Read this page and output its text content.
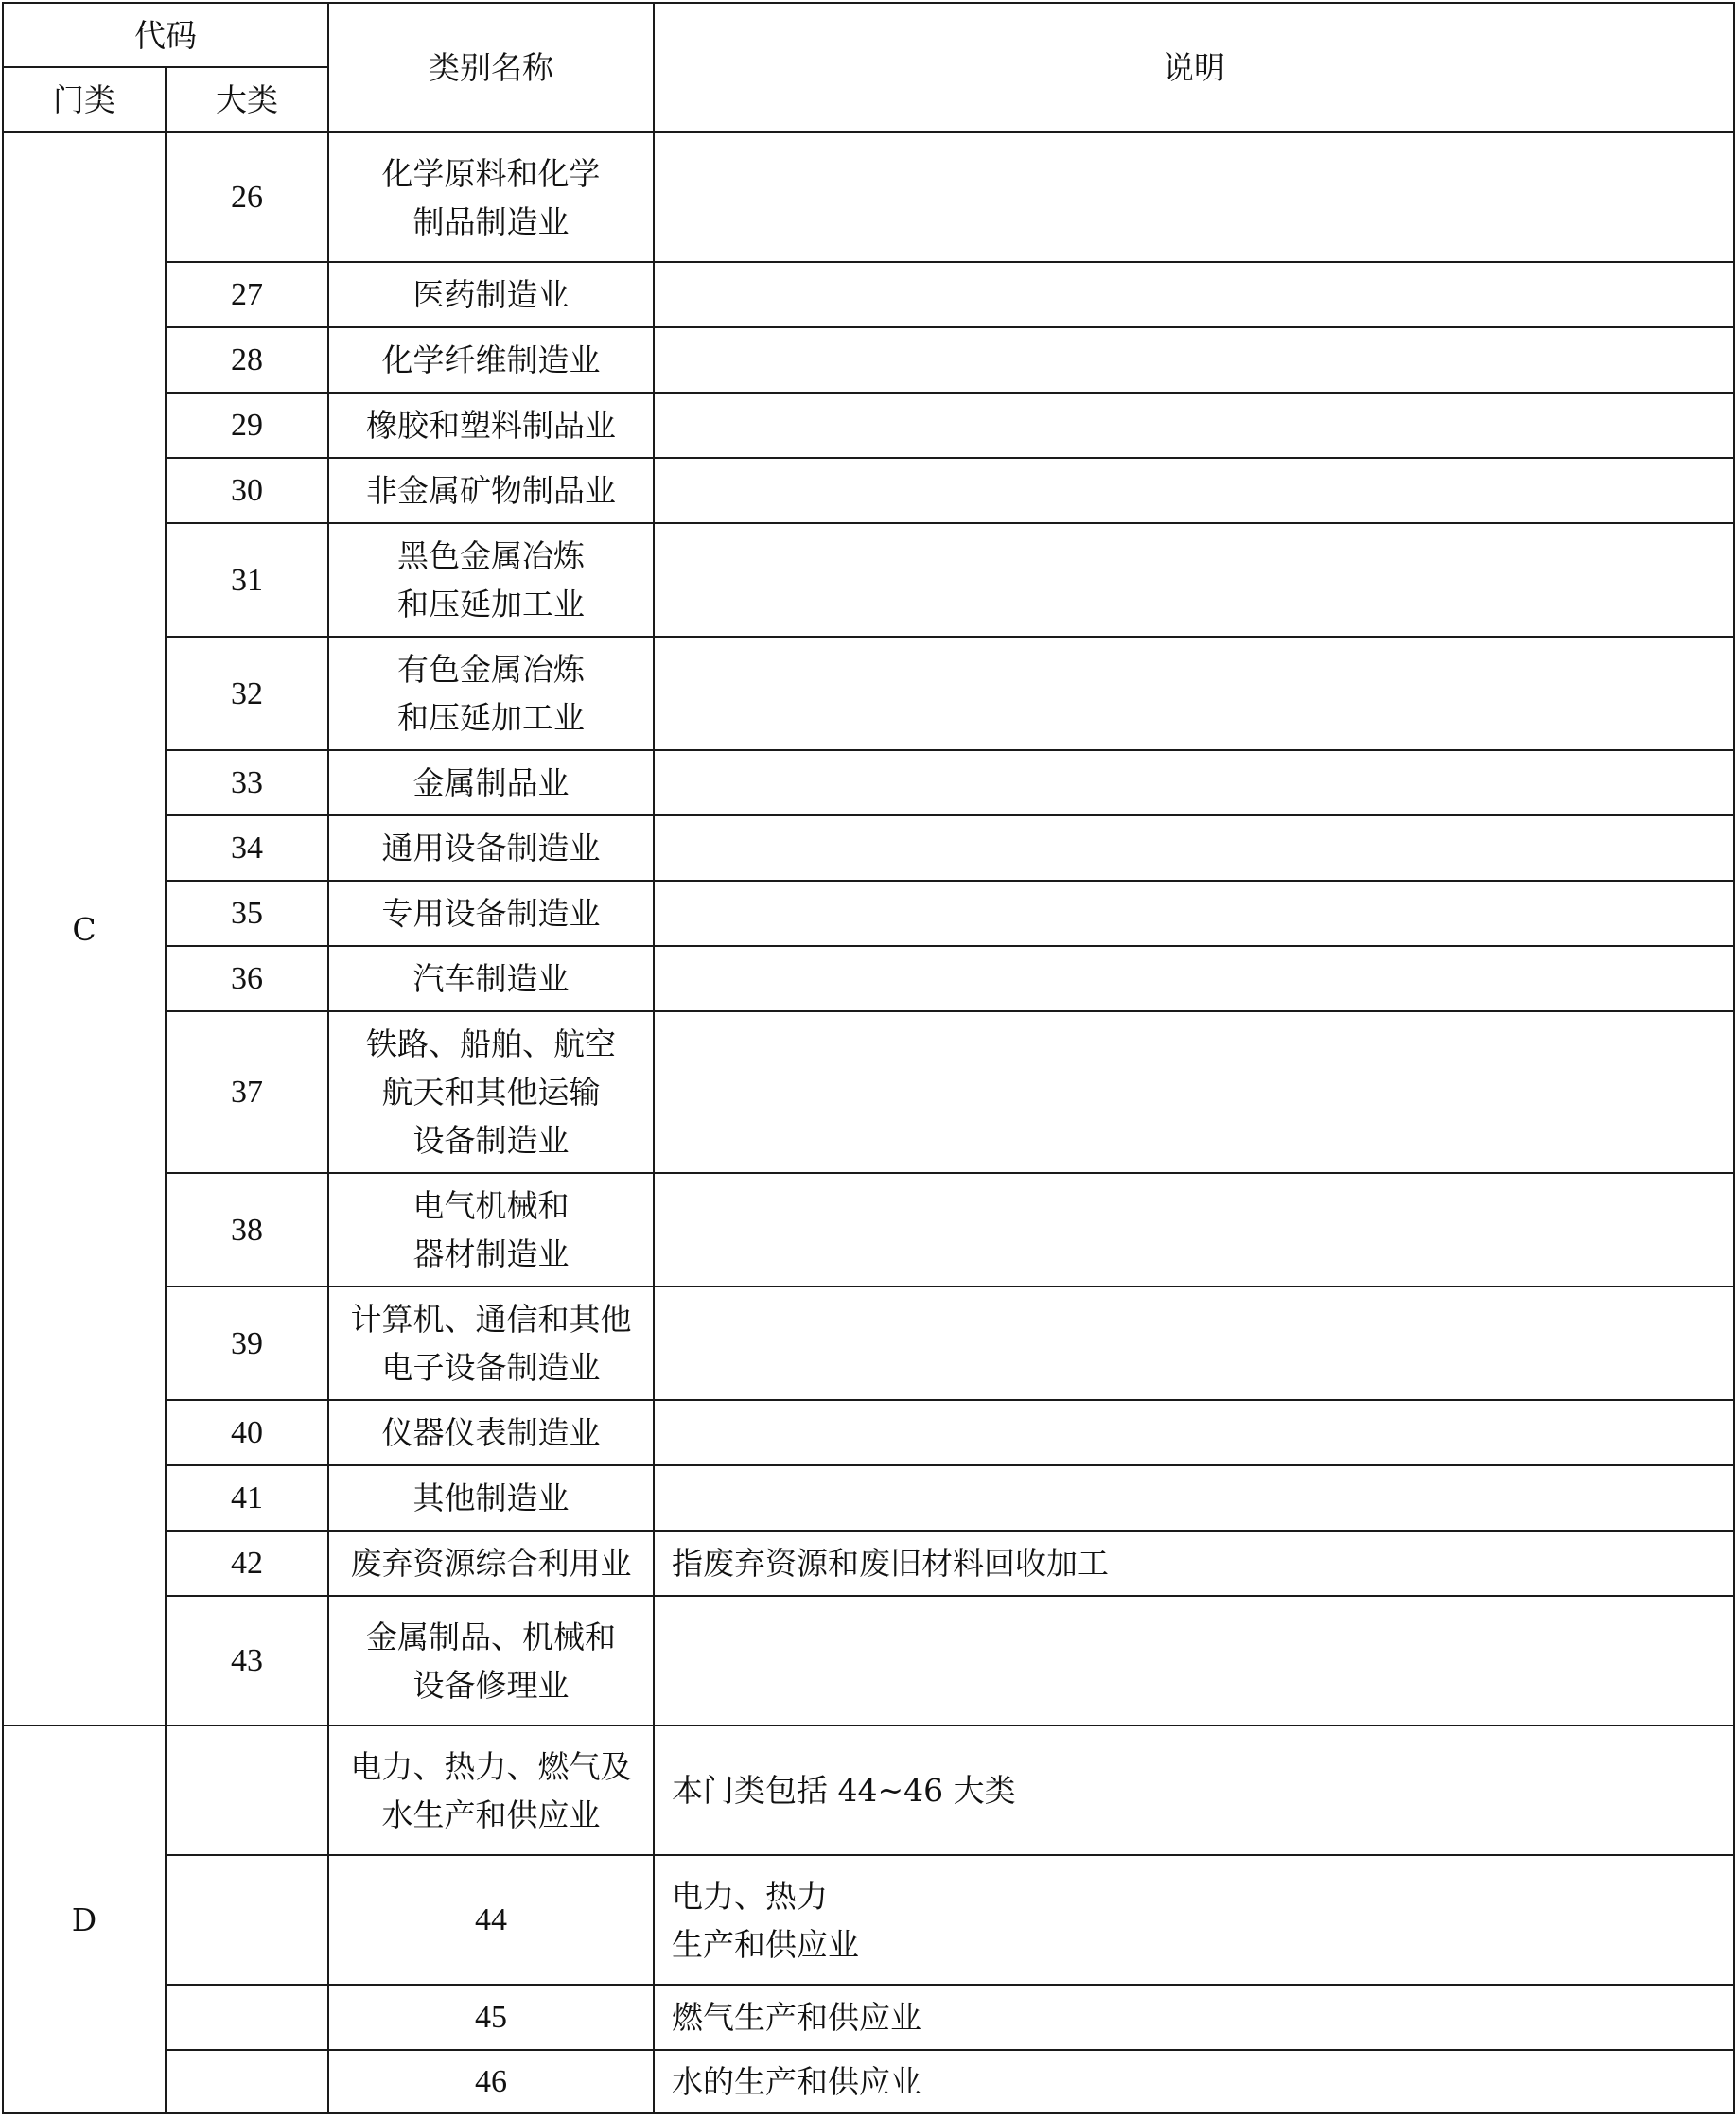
代码		类别名称	说明
门类	大类		
C	26	化学原料和化学
制品制造业	
	27	医药制造业	
	28	化学纤维制造业	
	29	橡胶和塑料制品业	
	30	非金属矿物制品业	
	31	黑色金属冶炼
和压延加工业	
	32	有色金属冶炼
和压延加工业	
	33	金属制品业	
	34	通用设备制造业	
	35	专用设备制造业	
	36	汽车制造业	
	37	铁路、船舶、航空
航天和其他运输
设备制造业	
	38	电气机械和
器材制造业	
	39	计算机、通信和其他
电子设备制造业	
	40	仪器仪表制造业	
	41	其他制造业	
	42	废弃资源综合利用业	指废弃资源和废旧材料回收加工
	43	金属制品、机械和
设备修理业	
D		电力、热力、燃气及
水生产和供应业	本门类包括 44~46 大类
		44	电力、热力
生产和供应业
		45	燃气生产和供应业
		46	水的生产和供应业
